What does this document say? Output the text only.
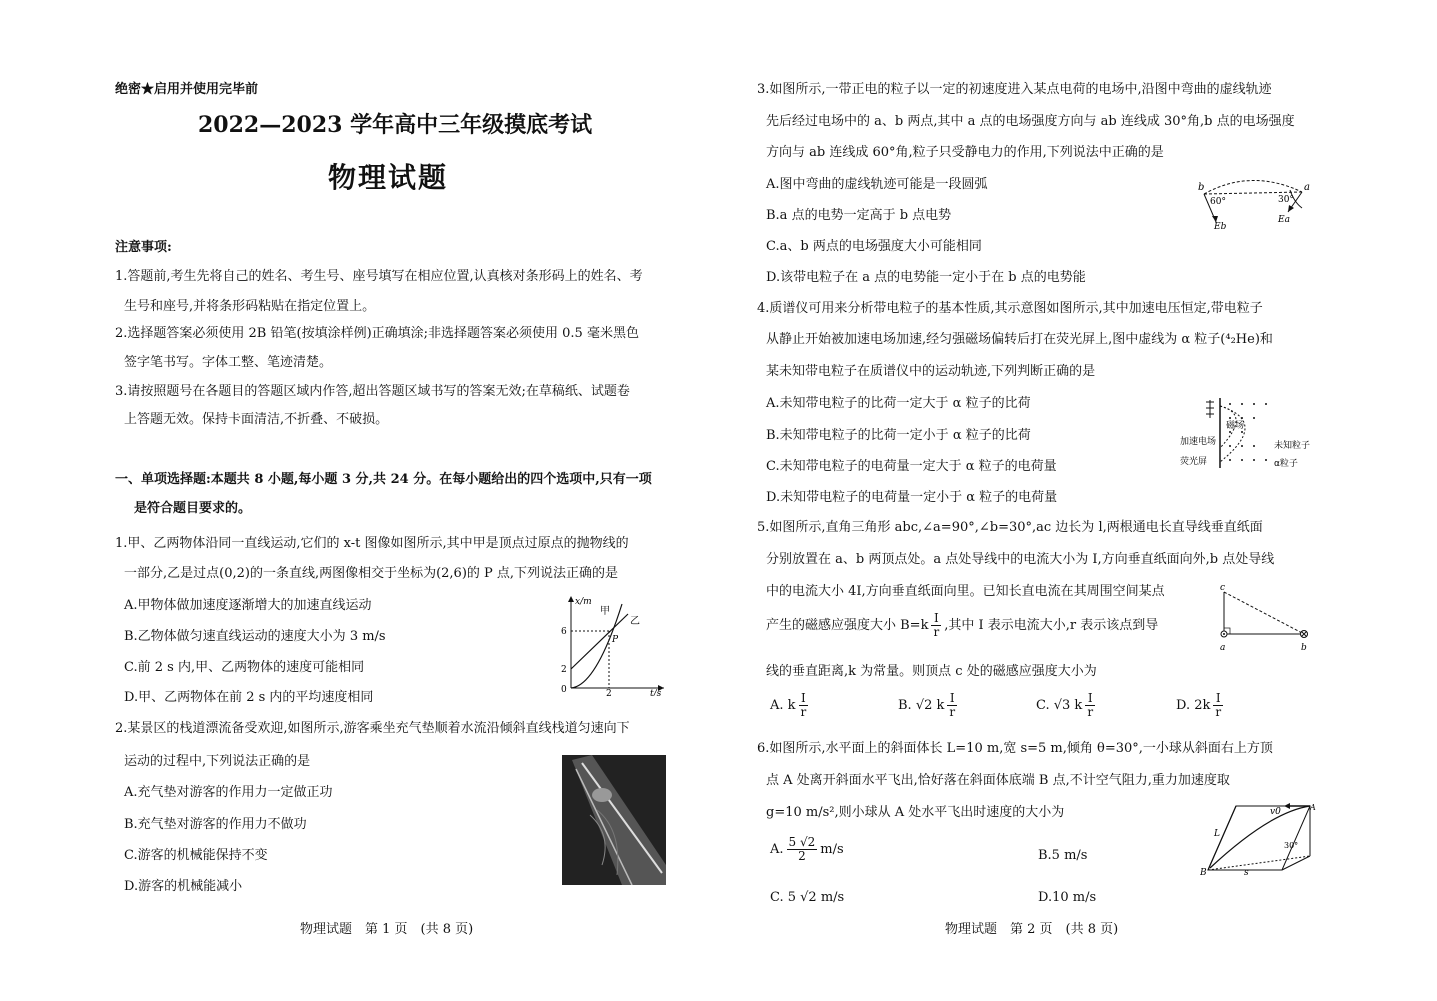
绝密★启用并使用完毕前
2022—2023 学年高中三年级摸底考试
物理试题
注意事项:
1.答题前,考生先将自己的姓名、考生号、座号填写在相应位置,认真核对条形码上的姓名、考
生号和座号,并将条形码粘贴在指定位置上。
2.选择题答案必须使用 2B 铅笔(按填涂样例)正确填涂;非选择题答案必须使用 0.5 毫米黑色
签字笔书写。字体工整、笔迹清楚。
3.请按照题号在各题目的答题区域内作答,超出答题区域书写的答案无效;在草稿纸、试题卷
上答题无效。保持卡面清洁,不折叠、不破损。
一、单项选择题:本题共 8 小题,每小题 3 分,共 24 分。在每小题给出的四个选项中,只有一项
是符合题目要求的。
1.甲、乙两物体沿同一直线运动,它们的 x-t 图像如图所示,其中甲是顶点过原点的抛物线的
一部分,乙是过点(0,2)的一条直线,两图像相交于坐标为(2,6)的 P 点,下列说法正确的是
A.甲物体做加速度逐渐增大的加速直线运动
B.乙物体做匀速直线运动的速度大小为 3 m/s
C.前 2 s 内,甲、乙两物体的速度可能相同
D.甲、乙两物体在前 2 s 内的平均速度相同
x/m
t/s
6
2
2
0
甲
乙
P
2.某景区的栈道漂流备受欢迎,如图所示,游客乘坐充气垫顺着水流沿倾斜直线栈道匀速向下
运动的过程中,下列说法正确的是
A.充气垫对游客的作用力一定做正功
B.充气垫对游客的作用力不做功
C.游客的机械能保持不变
D.游客的机械能减小
物理试题　第 1 页　(共 8 页)
3.如图所示,一带正电的粒子以一定的初速度进入某点电荷的电场中,沿图中弯曲的虚线轨迹
先后经过电场中的 a、b 两点,其中 a 点的电场强度方向与 ab 连线成 30°角,b 点的电场强度
方向与 ab 连线成 60°角,粒子只受静电力的作用,下列说法中正确的是
A.图中弯曲的虚线轨迹可能是一段圆弧
B.a 点的电势一定高于 b 点电势
C.a、b 两点的电场强度大小可能相同
D.该带电粒子在 a 点的电势能一定小于在 b 点的电势能
b	a
60°	30°
Eb
Ea
4.质谱仪可用来分析带电粒子的基本性质,其示意图如图所示,其中加速电压恒定,带电粒子
从静止开始被加速电场加速,经匀强磁场偏转后打在荧光屏上,图中虚线为 α 粒子(⁴₂He)和
某未知带电粒子在质谱仪中的运动轨迹,下列判断正确的是
A.未知带电粒子的比荷一定大于 α 粒子的比荷
B.未知带电粒子的比荷一定小于 α 粒子的比荷
C.未知带电粒子的电荷量一定大于 α 粒子的电荷量
D.未知带电粒子的电荷量一定小于 α 粒子的电荷量
磁场
加速电场
荧光屏
未知粒子
α粒子
5.如图所示,直角三角形 abc,∠a=90°,∠b=30°,ac 边长为 l,两根通电长直导线垂直纸面
分别放置在 a、b 两顶点处。a 点处导线中的电流大小为 I,方向垂直纸面向外,b 点处导线
中的电流大小 4I,方向垂直纸面向里。已知长直电流在其周围空间某点
产生的磁感应强度大小 $B=k \frac{I}{r}$ ,其中 I 表示电流大小,r 表示该点到导
线的垂直距离,k 为常量。则顶点 c 处的磁感应强度大小为
A. k $\frac{I}{r}$	B. √2 k $\frac{I}{r}$	C. √3 k $\frac{I}{r}$	D. $2k \frac{I}{r}$
c
a	b
6.如图所示,水平面上的斜面体长 L=10 m,宽 s=5 m,倾角 θ=30°,一小球从斜面右上方顶
点 A 处离开斜面水平飞出,恰好落在斜面体底端 B 点,不计空气阻力,重力加速度取
g=10 m/s²,则小球从 A 处水平飞出时速度的大小为
A. $\frac{5 √2}{2} m/s$	B.5 m/s
C. 5 √2 m/s	D.10 m/s
v0	A
B
L
s
30°
物理试题　第 2 页　(共 8 页)
